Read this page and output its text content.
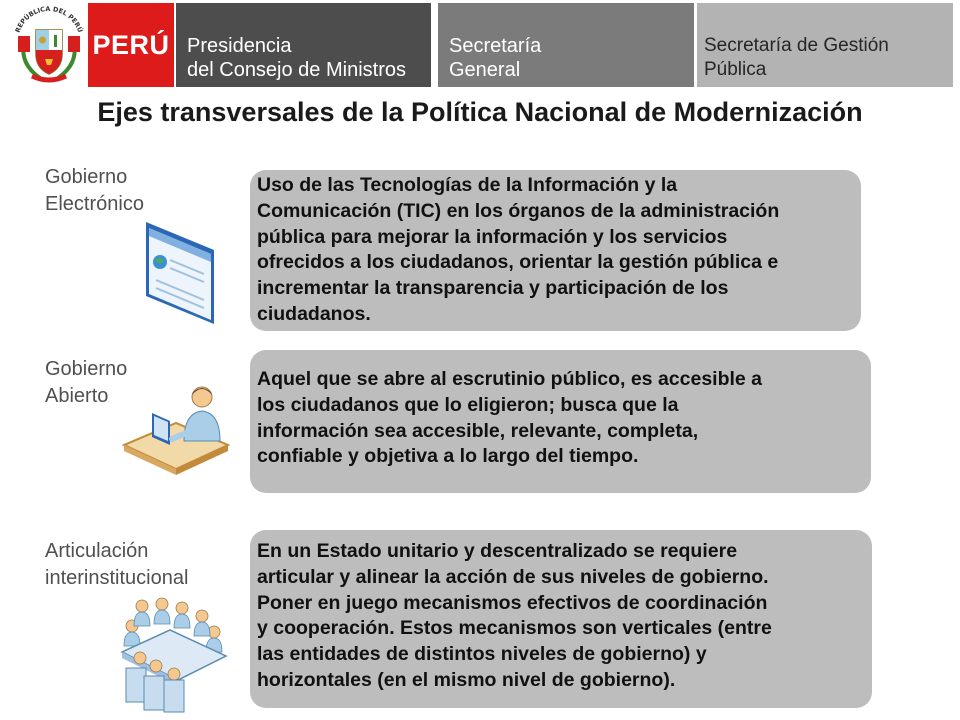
REPÚBLICA DEL PERÚ PERÚ Presidencia
del Consejo de Ministros
Secretaría
General
Secretaría de Gestión
Pública
Ejes transversales de la Política Nacional de Modernización
Gobierno
Electrónico
Uso de las Tecnologías de la Información y la
Comunicación (TIC) en los órganos de la administración
pública para mejorar la información y los servicios
ofrecidos a los ciudadanos, orientar la gestión pública e
incrementar la transparencia y participación de los
ciudadanos.
Gobierno
Abierto
Aquel que se abre al escrutinio público, es accesible a
los ciudadanos que lo eligieron; busca que la
información sea accesible, relevante, completa,
confiable y objetiva a lo largo del tiempo.
Articulación
interinstitucional
En un Estado unitario y descentralizado se requiere
articular y alinear la acción de sus niveles de gobierno.
Poner en juego mecanismos efectivos de coordinación
y cooperación. Estos mecanismos son verticales (entre
las entidades de distintos niveles de gobierno) y
horizontales (en el mismo nivel de gobierno).
